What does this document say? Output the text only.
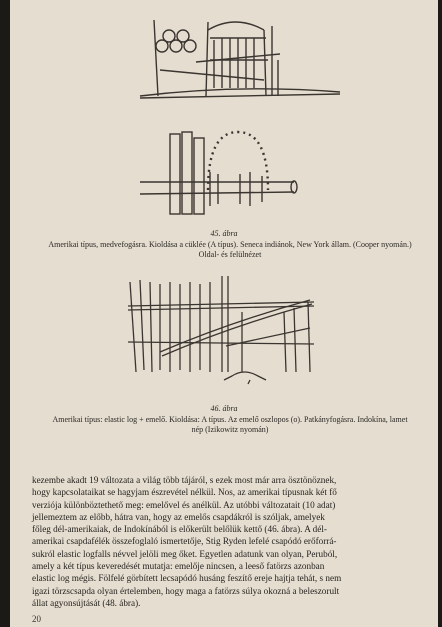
45. ábra
Amerikai típus, medvefogásra. Kioldása a cüklée (A típus). Seneca indiánok, New York állam. (Cooper nyomán.) Oldal- és felülnézet
46. ábra
Amerikai típus: elastic log + emelő. Kioldása: A típus. Az emelő oszlopos (o). Patkányfogásra. Indokína, lamet nép (Izikowitz nyomán)

kezembe akadt 19 változata a világ több tájáról, s ezek most már arra ösztönöznek,

hogy kapcsolataikat se hagyjam észrevétel nélkül. Nos, az amerikai típusnak két fő

verziója különböztethető meg: emelővel és anélkül. Az utóbbi változatait (10 adat)

jellemeztem az előbb, hátra van, hogy az emelős csapdákról is szóljak, amelyek

főleg dél-amerikaiak, de Indokínából is előkerült belőlük kettő (46. ábra). A dél-

amerikai csapdafélék összefoglaló ismertetője, Stig Ryden lefelé csapódó erőforrá-

sukról elastic logfalls névvel jelöli meg őket. Egyetlen adatunk van olyan, Peruból,

amely a két típus keveredését mutatja: emelője nincsen, a leeső fatörzs azonban

elastic log mégis. Fölfelé görbített lecsapódó husáng feszítő ereje hajtja tehát, s nem

igazi törzscsapda olyan értelemben, hogy maga a fatörzs súlya okozná a beleszorult

állat agyonsújtását (48. ábra).

20
